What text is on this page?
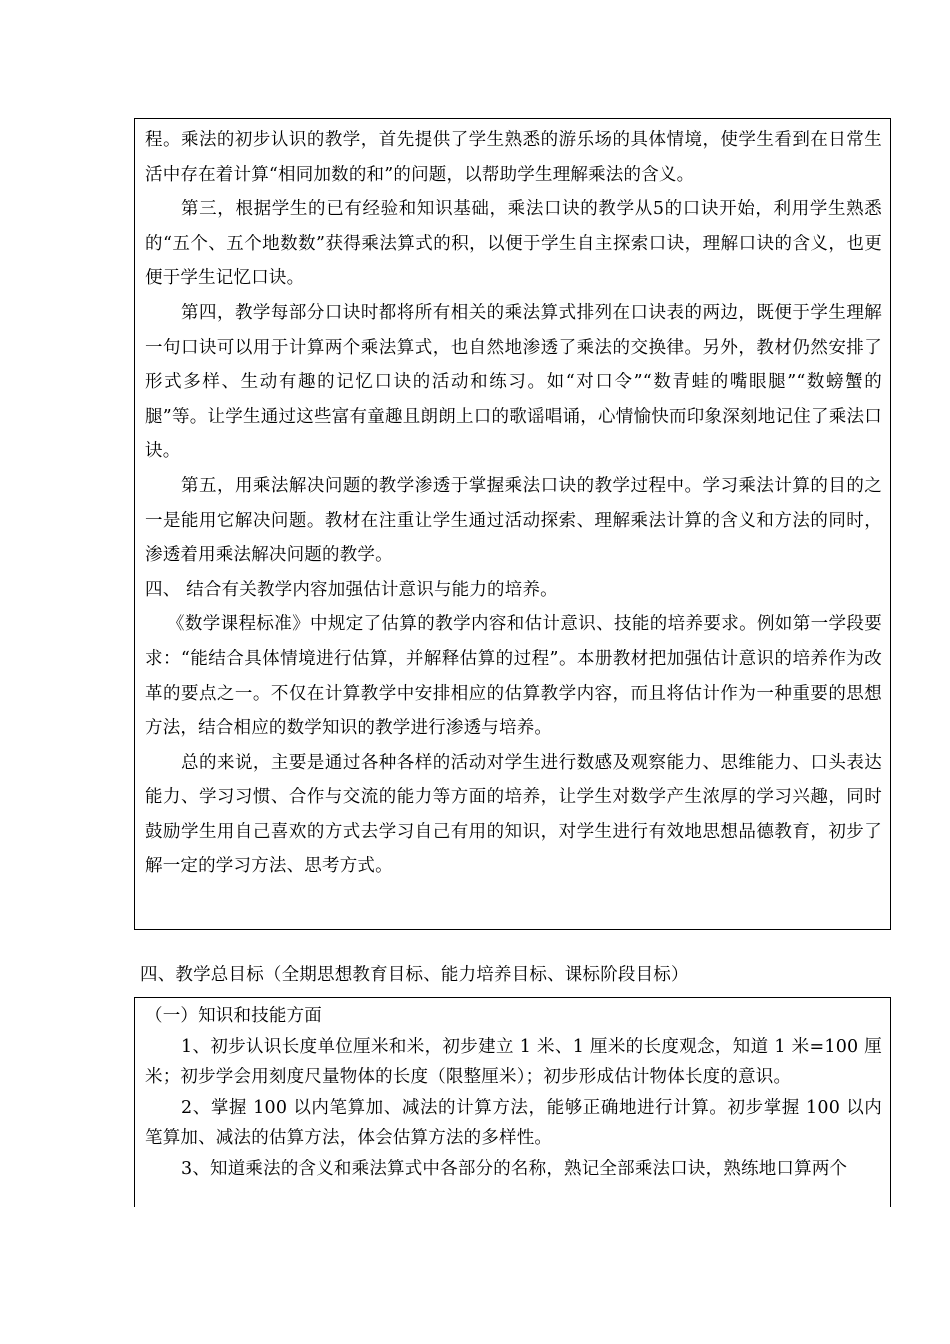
程。乘法的初步认识的教学，首先提供了学生熟悉的游乐场的具体情境，使学生看到在日常生活中存在着计算“相同加数的和”的问题，以帮助学生理解乘法的含义。

第三，根据学生的已有经验和知识基础，乘法口诀的教学从5的口诀开始，利用学生熟悉的“五个、五个地数数”获得乘法算式的积，以便于学生自主探索口诀，理解口诀的含义，也更便于学生记忆口诀。

第四，教学每部分口诀时都将所有相关的乘法算式排列在口诀表的两边，既便于学生理解一句口诀可以用于计算两个乘法算式，也自然地渗透了乘法的交换律。另外，教材仍然安排了形式多样、生动有趣的记忆口诀的活动和练习。如“对口令”“数青蛙的嘴眼腿”“数螃蟹的腿”等。让学生通过这些富有童趣且朗朗上口的歌谣唱诵，心情愉快而印象深刻地记住了乘法口诀。

第五，用乘法解决问题的教学渗透于掌握乘法口诀的教学过程中。学习乘法计算的目的之一是能用它解决问题。教材在注重让学生通过活动探索、理解乘法计算的含义和方法的同时，渗透着用乘法解决问题的教学。

四、 结合有关教学内容加强估计意识与能力的培养。

《数学课程标准》中规定了估算的教学内容和估计意识、技能的培养要求。例如第一学段要求：“能结合具体情境进行估算，并解释估算的过程”。本册教材把加强估计意识的培养作为改革的要点之一。不仅在计算教学中安排相应的估算教学内容，而且将估计作为一种重要的思想方法，结合相应的数学知识的教学进行渗透与培养。

总的来说，主要是通过各种各样的活动对学生进行数感及观察能力、思维能力、口头表达能力、学习习惯、合作与交流的能力等方面的培养，让学生对数学产生浓厚的学习兴趣，同时鼓励学生用自己喜欢的方式去学习自己有用的知识，对学生进行有效地思想品德教育，初步了解一定的学习方法、思考方式。

四、教学总目标（全期思想教育目标、能力培养目标、课标阶段目标）

（一）知识和技能方面

1、初步认识长度单位厘米和米，初步建立 1 米、1 厘米的长度观念，知道 1 米=100 厘米；初步学会用刻度尺量物体的长度（限整厘米）；初步形成估计物体长度的意识。

2、掌握 100 以内笔算加、减法的计算方法，能够正确地进行计算。初步掌握 100 以内笔算加、减法的估算方法，体会估算方法的多样性。

3、知道乘法的含义和乘法算式中各部分的名称，熟记全部乘法口诀，熟练地口算两个
